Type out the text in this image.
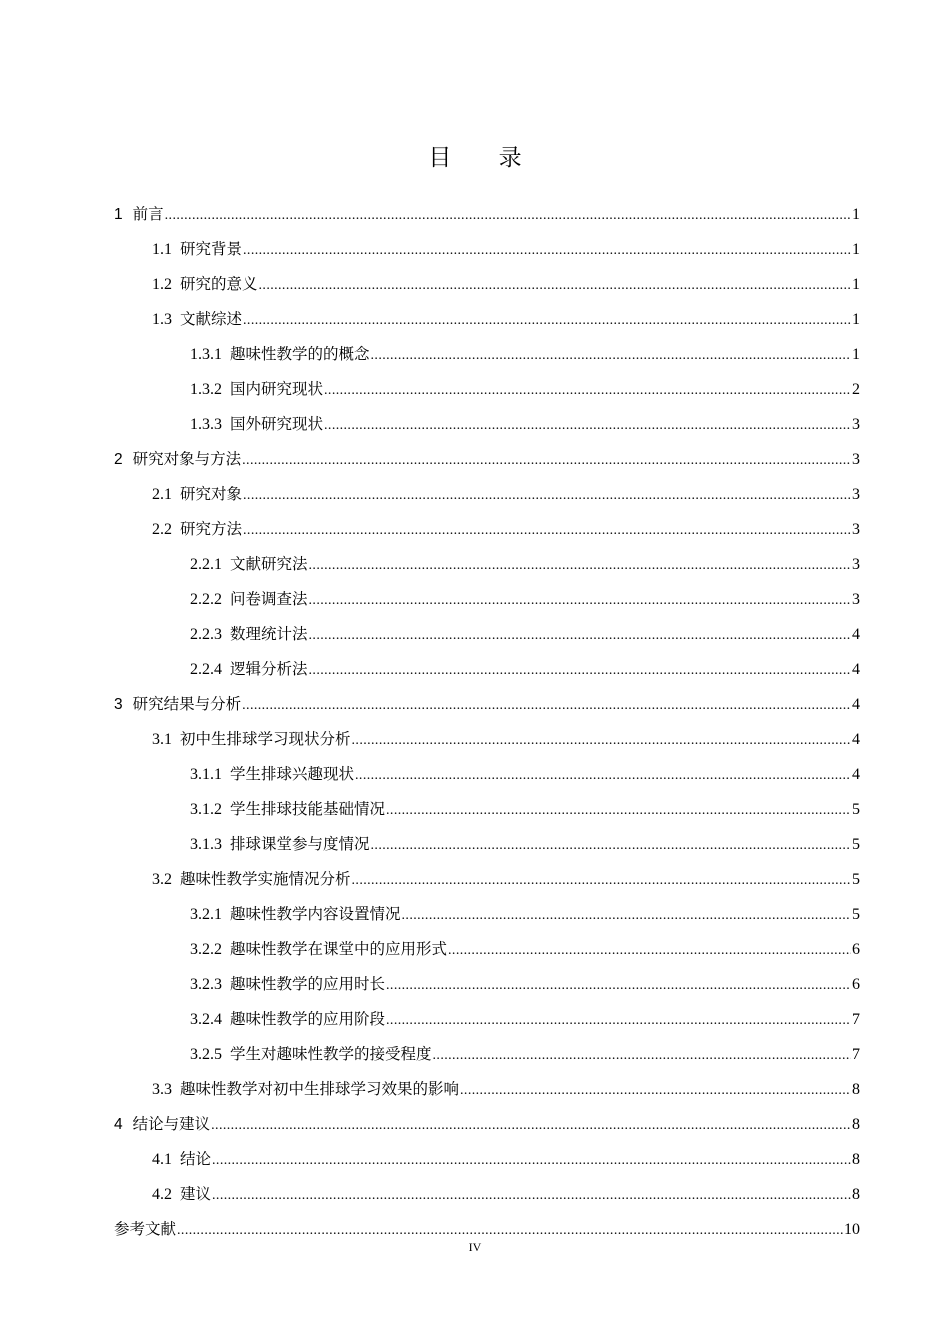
目 录
1 前言 .....	1
1.1 研究背景 .....	1
1.2 研究的意义 .....	1
1.3 文献综述 .....	1
1.3.1 趣味性教学的的概念 .....	1
1.3.2 国内研究现状 .....	2
1.3.3 国外研究现状 .....	3
2 研究对象与方法 .....	3
2.1 研究对象 .....	3
2.2 研究方法 .....	3
2.2.1 文献研究法 .....	3
2.2.2 问卷调查法 .....	3
2.2.3 数理统计法 .....	4
2.2.4 逻辑分析法 .....	4
3 研究结果与分析 .....	4
3.1 初中生排球学习现状分析 .....	4
3.1.1 学生排球兴趣现状 .....	4
3.1.2 学生排球技能基础情况 .....	5
3.1.3 排球课堂参与度情况 .....	5
3.2 趣味性教学实施情况分析 .....	5
3.2.1 趣味性教学内容设置情况 .....	5
3.2.2 趣味性教学在课堂中的应用形式 .....	6
3.2.3 趣味性教学的应用时长 .....	6
3.2.4 趣味性教学的应用阶段 .....	7
3.2.5 学生对趣味性教学的接受程度 .....	7
3.3 趣味性教学对初中生排球学习效果的影响 .....	8
4 结论与建议 .....	8
4.1 结论 .....	8
4.2 建议 .....	8
参考文献 .....	10
IV
